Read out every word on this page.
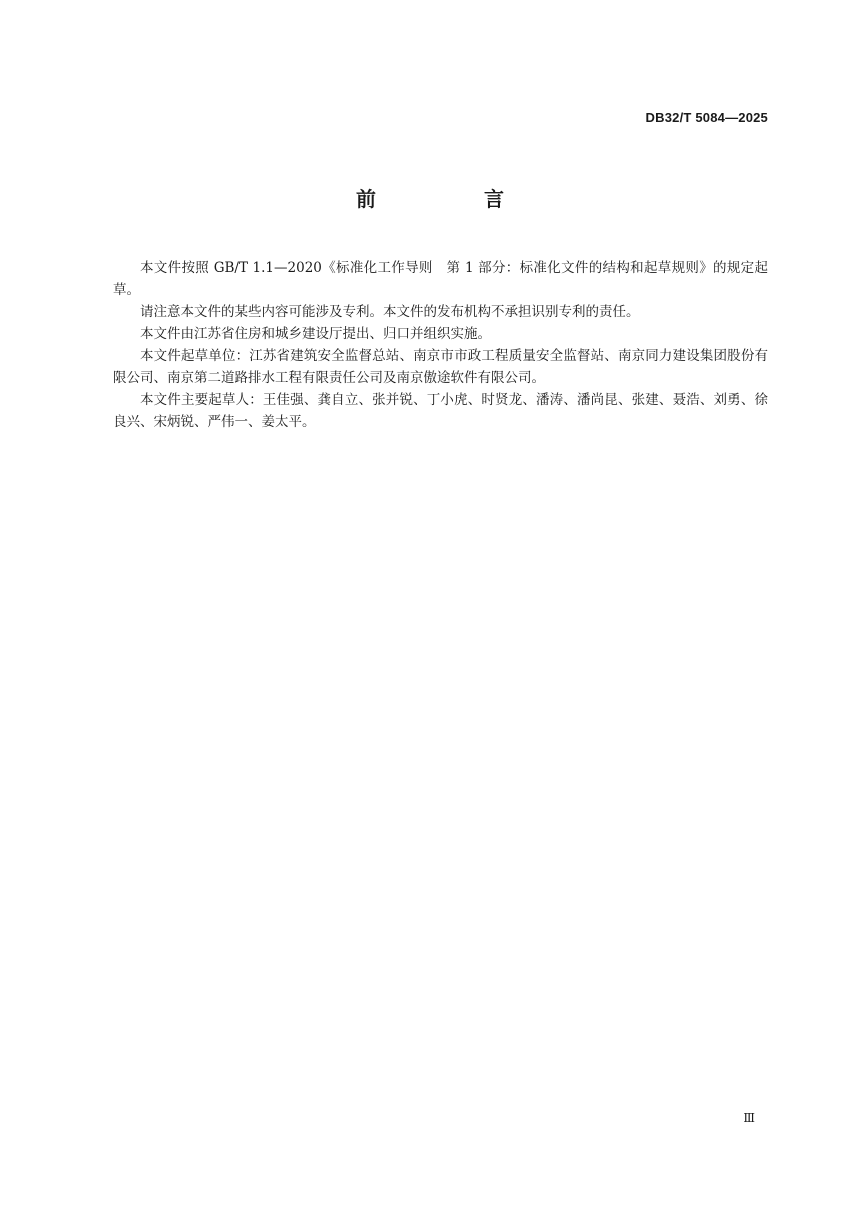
DB32/T 5084—2025
前　言

本文件按照 GB/T 1.1—2020《标准化工作导则　第 1 部分：标准化文件的结构和起草规则》的规定起草。

请注意本文件的某些内容可能涉及专利。本文件的发布机构不承担识别专利的责任。

本文件由江苏省住房和城乡建设厅提出、归口并组织实施。

本文件起草单位：江苏省建筑安全监督总站、南京市市政工程质量安全监督站、南京同力建设集团股份有限公司、南京第二道路排水工程有限责任公司及南京傲途软件有限公司。

本文件主要起草人：王佳强、龚自立、张并锐、丁小虎、时贤龙、潘涛、潘尚昆、张建、聂浩、刘勇、徐良兴、宋炳锐、严伟一、姜太平。

Ⅲ
